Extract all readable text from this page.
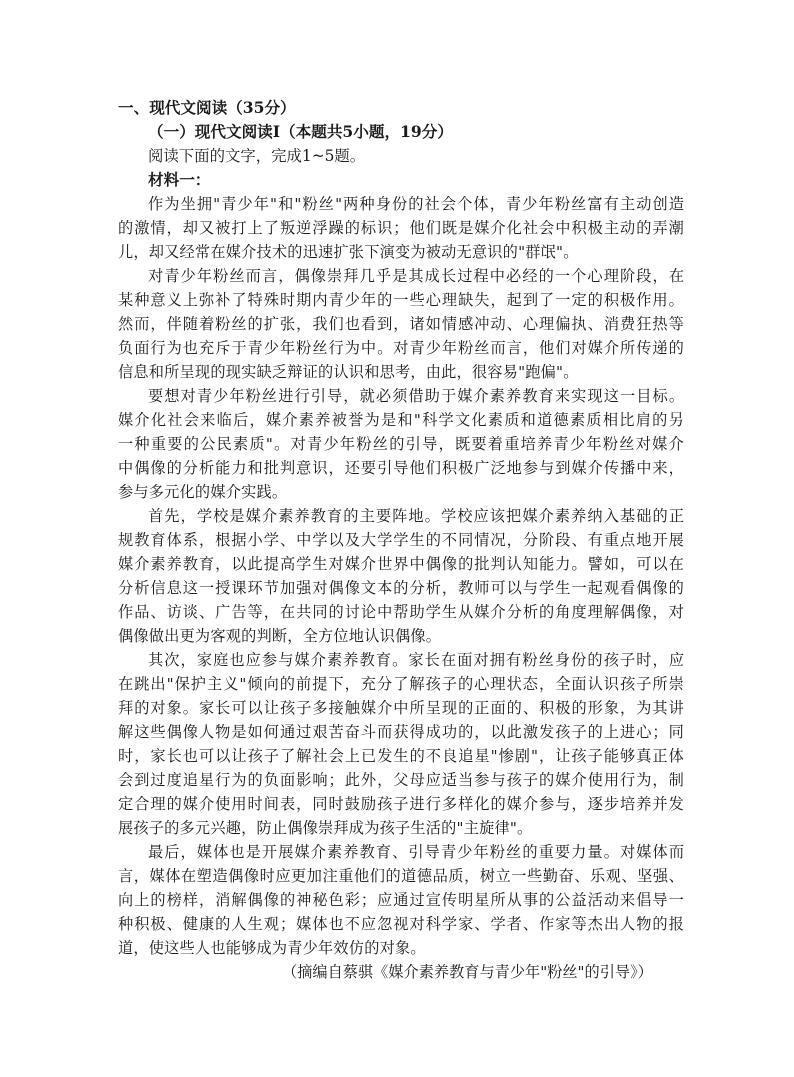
一、现代文阅读（35分）
（一）现代文阅读Ⅰ（本题共5小题，19分）
阅读下面的文字，完成1~5题。
材料一：
作为坐拥"青少年"和"粉丝"两种身份的社会个体，青少年粉丝富有主动创造
的激情，却又被打上了叛逆浮躁的标识；他们既是媒介化社会中积极主动的弄潮
儿，却又经常在媒介技术的迅速扩张下演变为被动无意识的"群氓"。
对青少年粉丝而言，偶像崇拜几乎是其成长过程中必经的一个心理阶段，在
某种意义上弥补了特殊时期内青少年的一些心理缺失，起到了一定的积极作用。
然而，伴随着粉丝的扩张，我们也看到，诸如情感冲动、心理偏执、消费狂热等
负面行为也充斥于青少年粉丝行为中。对青少年粉丝而言，他们对媒介所传递的
信息和所呈现的现实缺乏辩证的认识和思考，由此，很容易"跑偏"。
要想对青少年粉丝进行引导，就必须借助于媒介素养教育来实现这一目标。
媒介化社会来临后，媒介素养被誉为是和"科学文化素质和道德素质相比肩的另
一种重要的公民素质"。对青少年粉丝的引导，既要着重培养青少年粉丝对媒介
中偶像的分析能力和批判意识，还要引导他们积极广泛地参与到媒介传播中来，
参与多元化的媒介实践。
首先，学校是媒介素养教育的主要阵地。学校应该把媒介素养纳入基础的正
规教育体系，根据小学、中学以及大学学生的不同情况，分阶段、有重点地开展
媒介素养教育，以此提高学生对媒介世界中偶像的批判认知能力。譬如，可以在
分析信息这一授课环节加强对偶像文本的分析，教师可以与学生一起观看偶像的
作品、访谈、广告等，在共同的讨论中帮助学生从媒介分析的角度理解偶像，对
偶像做出更为客观的判断，全方位地认识偶像。
其次，家庭也应参与媒介素养教育。家长在面对拥有粉丝身份的孩子时，应
在跳出"保护主义"倾向的前提下，充分了解孩子的心理状态，全面认识孩子所崇
拜的对象。家长可以让孩子多接触媒介中所呈现的正面的、积极的形象，为其讲
解这些偶像人物是如何通过艰苦奋斗而获得成功的，以此激发孩子的上进心；同
时，家长也可以让孩子了解社会上已发生的不良追星"惨剧"，让孩子能够真正体
会到过度追星行为的负面影响；此外，父母应适当参与孩子的媒介使用行为，制
定合理的媒介使用时间表，同时鼓励孩子进行多样化的媒介参与，逐步培养并发
展孩子的多元兴趣，防止偶像崇拜成为孩子生活的"主旋律"。
最后，媒体也是开展媒介素养教育、引导青少年粉丝的重要力量。对媒体而
言，媒体在塑造偶像时应更加注重他们的道德品质，树立一些勤奋、乐观、坚强、
向上的榜样，消解偶像的神秘色彩；应通过宣传明星所从事的公益活动来倡导一
种积极、健康的人生观；媒体也不应忽视对科学家、学者、作家等杰出人物的报
道，使这些人也能够成为青少年效仿的对象。
（摘编自蔡骐《媒介素养教育与青少年"粉丝"的引导》）
